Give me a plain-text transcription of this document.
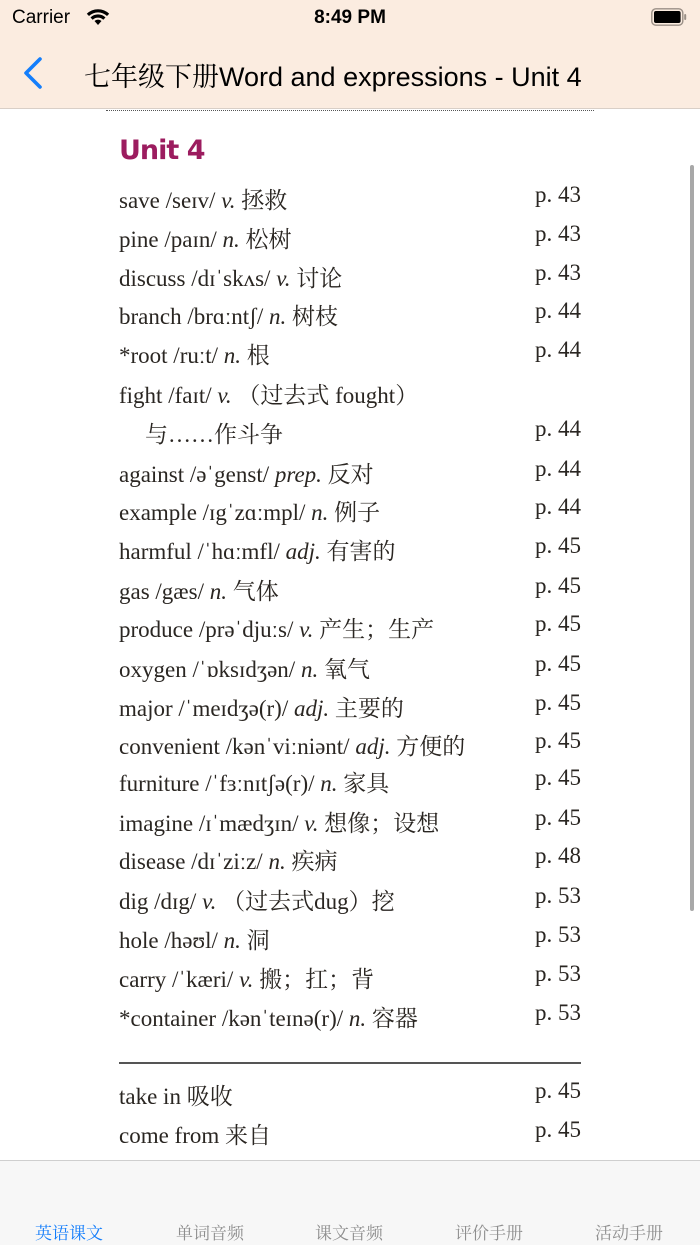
Carrier	8:49 PM
七年级下册Word and expressions - Unit 4
Unit 4
save /seɪv/ v. 拯救	p. 43
pine /paɪn/ n. 松树	p. 43
discuss /dɪˈskʌs/ v. 讨论	p. 43
branch /brɑːntʃ/ n. 树枝	p. 44
*root /ruːt/ n. 根	p. 44
fight /faɪt/ v. （过去式 fought）
与……作斗争	p. 44
against /əˈgenst/ prep. 反对	p. 44
example /ɪgˈzɑːmpl/ n. 例子	p. 44
harmful /ˈhɑːmfl/ adj. 有害的	p. 45
gas /gæs/ n. 气体	p. 45
produce /prəˈdjuːs/ v. 产生；生产	p. 45
oxygen /ˈɒksɪdʒən/ n. 氧气	p. 45
major /ˈmeɪdʒə(r)/ adj. 主要的	p. 45
convenient /kənˈviːniənt/ adj. 方便的	p. 45
furniture /ˈfɜːnɪtʃə(r)/ n. 家具	p. 45
imagine /ɪˈmædʒɪn/ v. 想像；设想	p. 45
disease /dɪˈziːz/ n. 疾病	p. 48
dig /dɪg/ v. （过去式dug）挖	p. 53
hole /həʊl/ n. 洞	p. 53
carry /ˈkæri/ v. 搬；扛；背	p. 53
*container /kənˈteɪnə(r)/ n. 容器	p. 53
take in 吸收	p. 45
come from 来自	p. 45
英语课文	单词音频	课文音频	评价手册	活动手册
